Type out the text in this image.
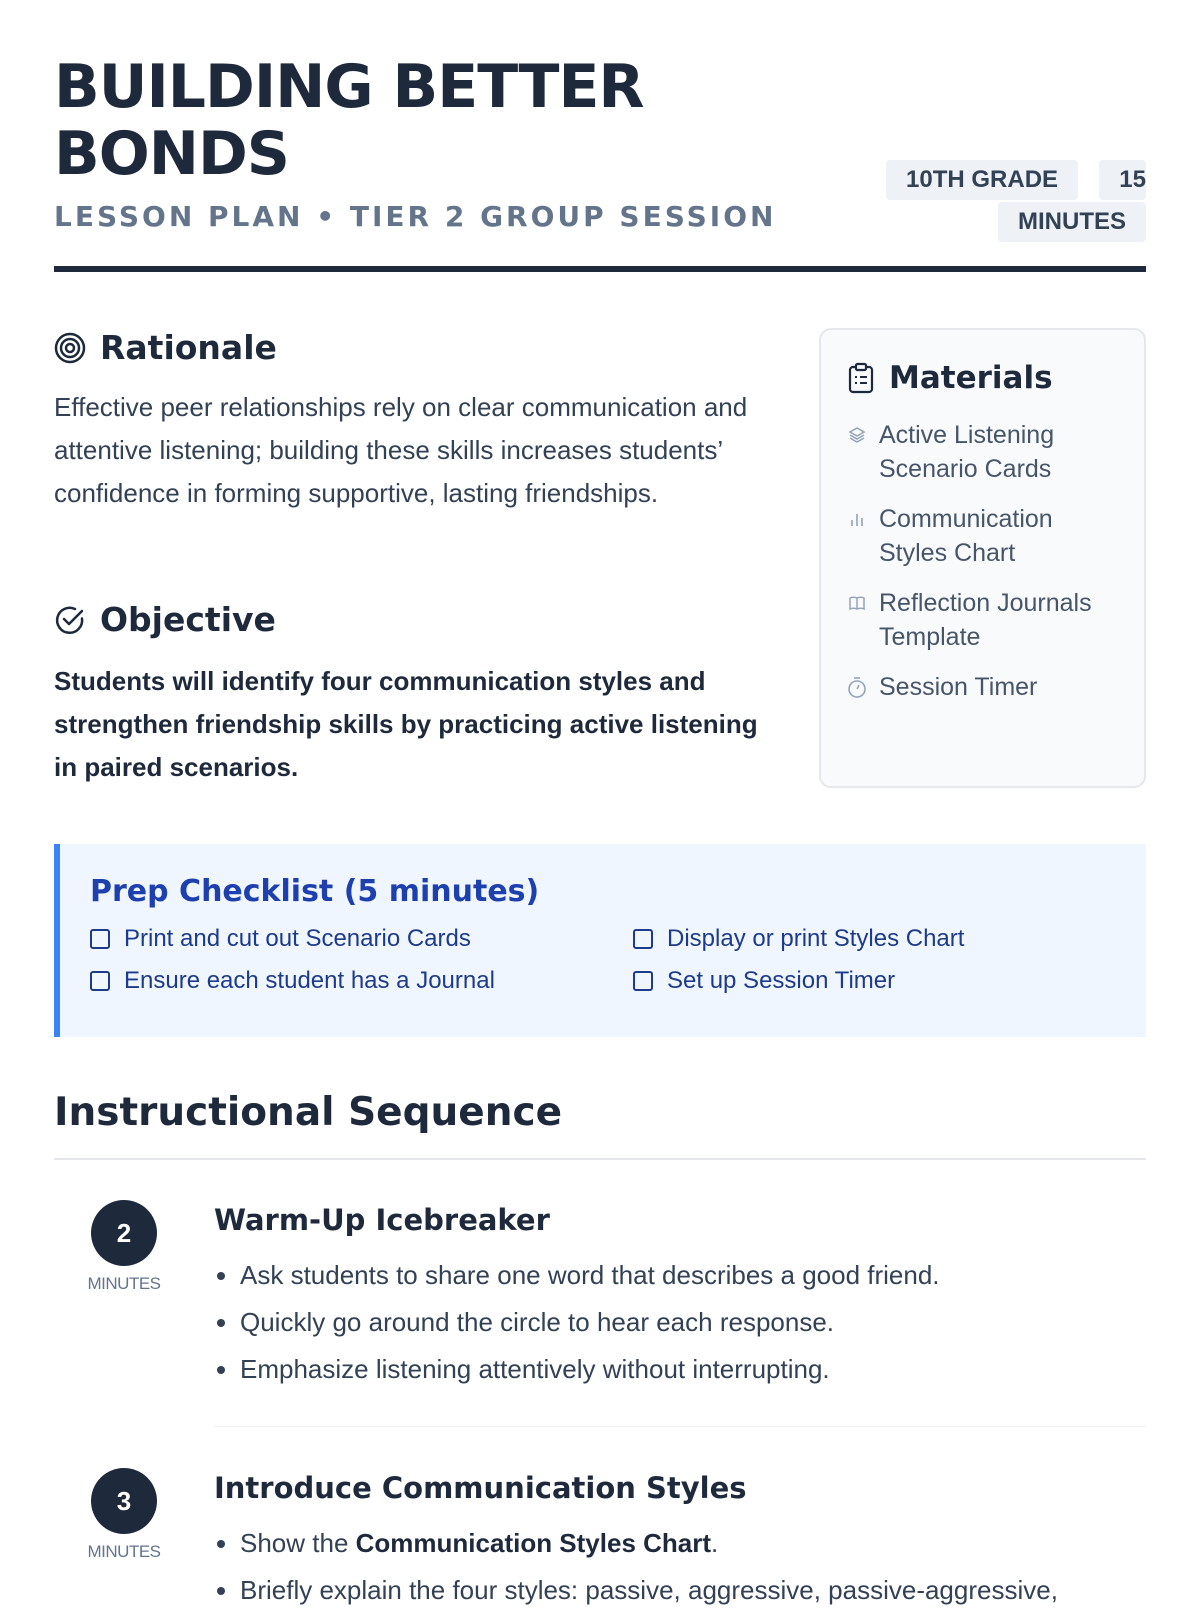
BUILDING BETTER BONDS
LESSON PLAN • TIER 2 GROUP SESSION
10TH GRADE	15
MINUTES
Rationale

Effective peer relationships rely on clear communication and attentive listening; building these skills increases students’ confidence in forming supportive, lasting friendships.

Objective

Students will identify four communication styles and strengthen friendship skills by practicing active listening in paired scenarios.

Materials
Active Listening Scenario Cards
Communication Styles Chart
Reflection Journals Template
Session Timer
Prep Checklist (5 minutes)
Print and cut out Scenario Cards	Display or print Styles Chart
Ensure each student has a Journal	Set up Session Timer
Instructional Sequence
2
MINUTES
Warm-Up Icebreaker
• Ask students to share one word that describes a good friend.
• Quickly go around the circle to hear each response.
• Emphasize listening attentively without interrupting.
3
MINUTES
Introduce Communication Styles
• Show the Communication Styles Chart.
• Briefly explain the four styles: passive, aggressive, passive-aggressive,
